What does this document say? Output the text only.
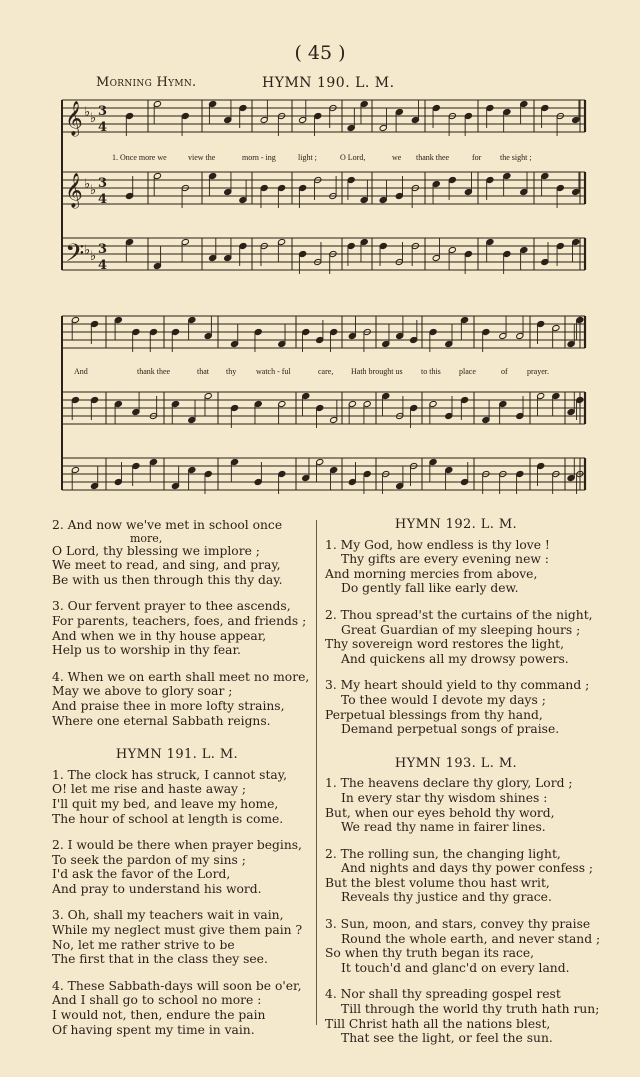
( 45 )
Morning Hymn.	HYMN 190. L. M.
𝄞 ♭ ♭ 3
4
𝄞 ♭ ♭ 3
4
𝄢 ♭ ♭ 3
4
1. Once more we	view the	morn - ing	light ;	O Lord,	we thank thee	for the sight ;
And	thank thee	that thy watch - ful	care, Hath brought us to this place	of prayer.

2. And now we've met in school once

more,

O Lord, thy blessing we implore ;

We meet to read, and sing, and pray,

Be with us then through this thy day.

3. Our fervent prayer to thee ascends,

For parents, teachers, foes, and friends ;

And when we in thy house appear,

Help us to worship in thy fear.

4. When we on earth shall meet no more,

May we above to glory soar ;

And praise thee in more lofty strains,

Where one eternal Sabbath reigns.

HYMN 191. L. M.

1. The clock has struck, I cannot stay,

O! let me rise and haste away ;

I'll quit my bed, and leave my home,

The hour of school at length is come.

2. I would be there when prayer begins,

To seek the pardon of my sins ;

I'd ask the favor of the Lord,

And pray to understand his word.

3. Oh, shall my teachers wait in vain,

While my neglect must give them pain ?

No, let me rather strive to be

The first that in the class they see.

4. These Sabbath-days will soon be o'er,

And I shall go to school no more :

I would not, then, endure the pain

Of having spent my time in vain.

HYMN 192. L. M.

1. My God, how endless is thy love !

Thy gifts are every evening new :

And morning mercies from above,

Do gently fall like early dew.

2. Thou spread'st the curtains of the night,

Great Guardian of my sleeping hours ;

Thy sovereign word restores the light,

And quickens all my drowsy powers.

3. My heart should yield to thy command ;

To thee would I devote my days ;

Perpetual blessings from thy hand,

Demand perpetual songs of praise.

HYMN 193. L. M.

1. The heavens declare thy glory, Lord ;

In every star thy wisdom shines :

But, when our eyes behold thy word,

We read thy name in fairer lines.

2. The rolling sun, the changing light,

And nights and days thy power confess ;

But the blest volume thou hast writ,

Reveals thy justice and thy grace.

3. Sun, moon, and stars, convey thy praise

Round the whole earth, and never stand ;

So when thy truth began its race,

It touch'd and glanc'd on every land.

4. Nor shall thy spreading gospel rest

Till through the world thy truth hath run;

Till Christ hath all the nations blest,

That see the light, or feel the sun.
